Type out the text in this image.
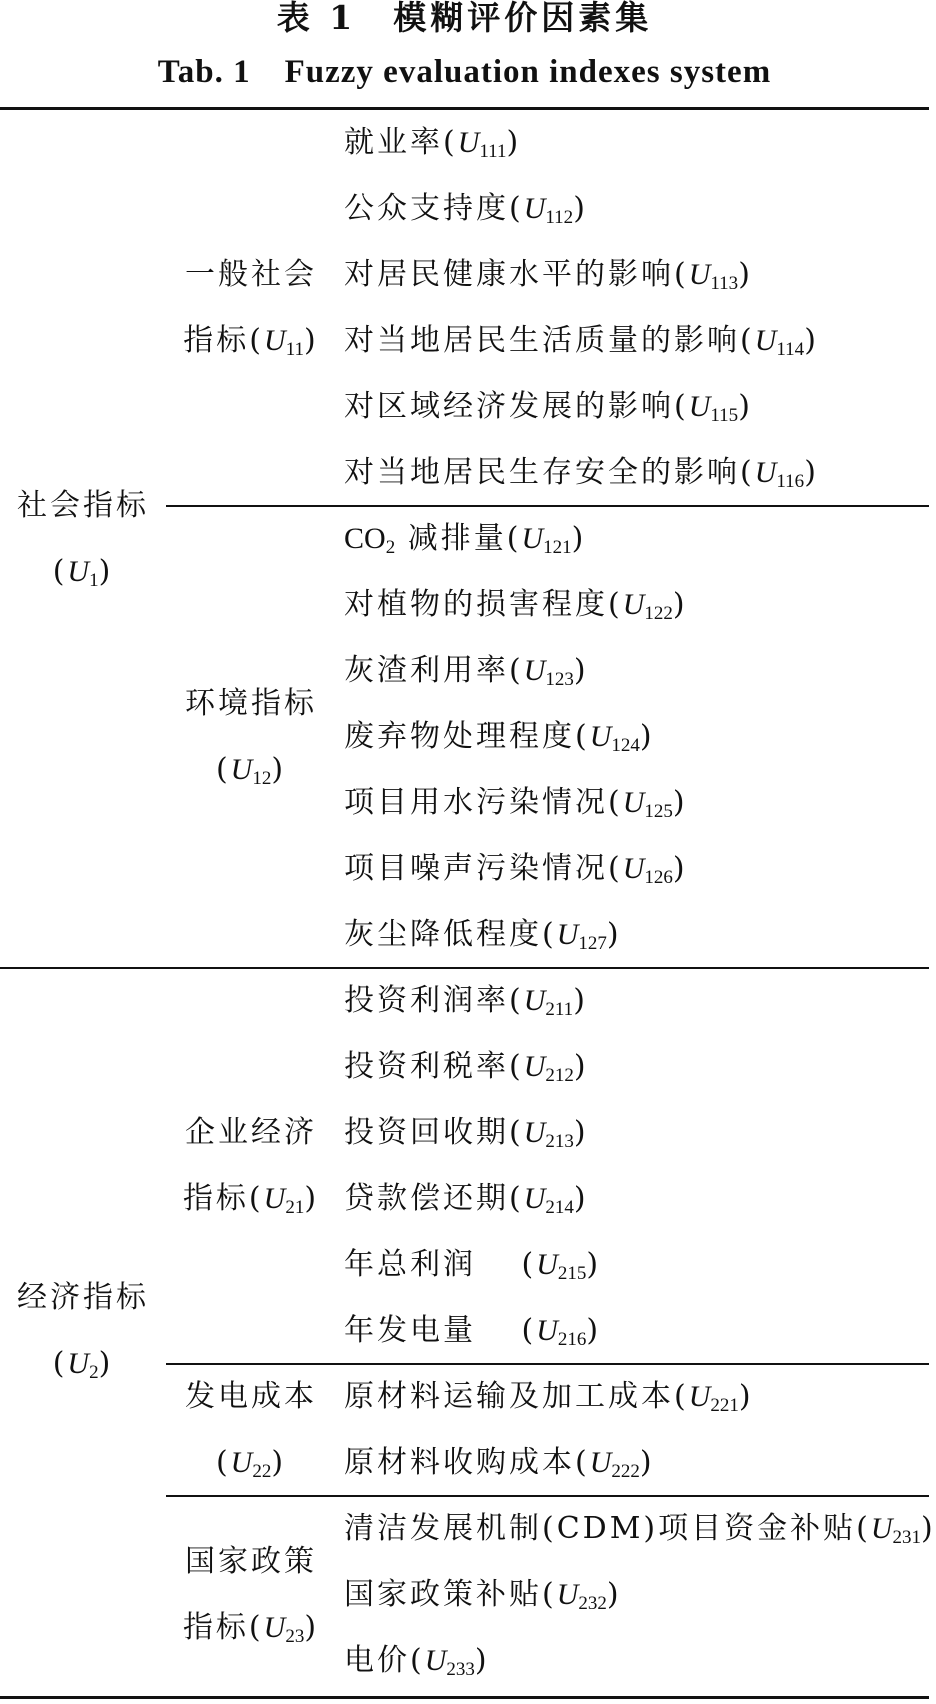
表 1　模糊评价因素集
Tab. 1　Fuzzy evaluation indexes system
就业率$(U_{111})$
公众支持度$(U_{112})$
对居民健康水平的影响$(U_{113})$
对当地居民生活质量的影响$(U_{114})$
对区域经济发展的影响$(U_{115})$
对当地居民生存安全的影响$(U_{116})$
一般社会
指标$(U_{11})$
$CO_2$ 减排量$(U_{121})$
对植物的损害程度$(U_{122})$
灰渣利用率$(U_{123})$
废弃物处理程度$(U_{124})$
项目用水污染情况$(U_{125})$
项目噪声污染情况$(U_{126})$
灰尘降低程度$(U_{127})$
环境指标
$(U_{12})$
社会指标
$(U_1)$
投资利润率$(U_{211})$
投资利税率$(U_{212})$
投资回收期$(U_{213})$
贷款偿还期$(U_{214})$
年总利润　 $(U_{215})$
年发电量　 $(U_{216})$
企业经济
指标$(U_{21})$
原材料运输及加工成本$(U_{221})$
原材料收购成本$(U_{222})$
发电成本
$(U_{22})$
清洁发展机制(CDM)项目资金补贴$(U_{231})$
国家政策补贴$(U_{232})$
电价$(U_{233})$
国家政策
指标$(U_{23})$
经济指标
$(U_2)$
